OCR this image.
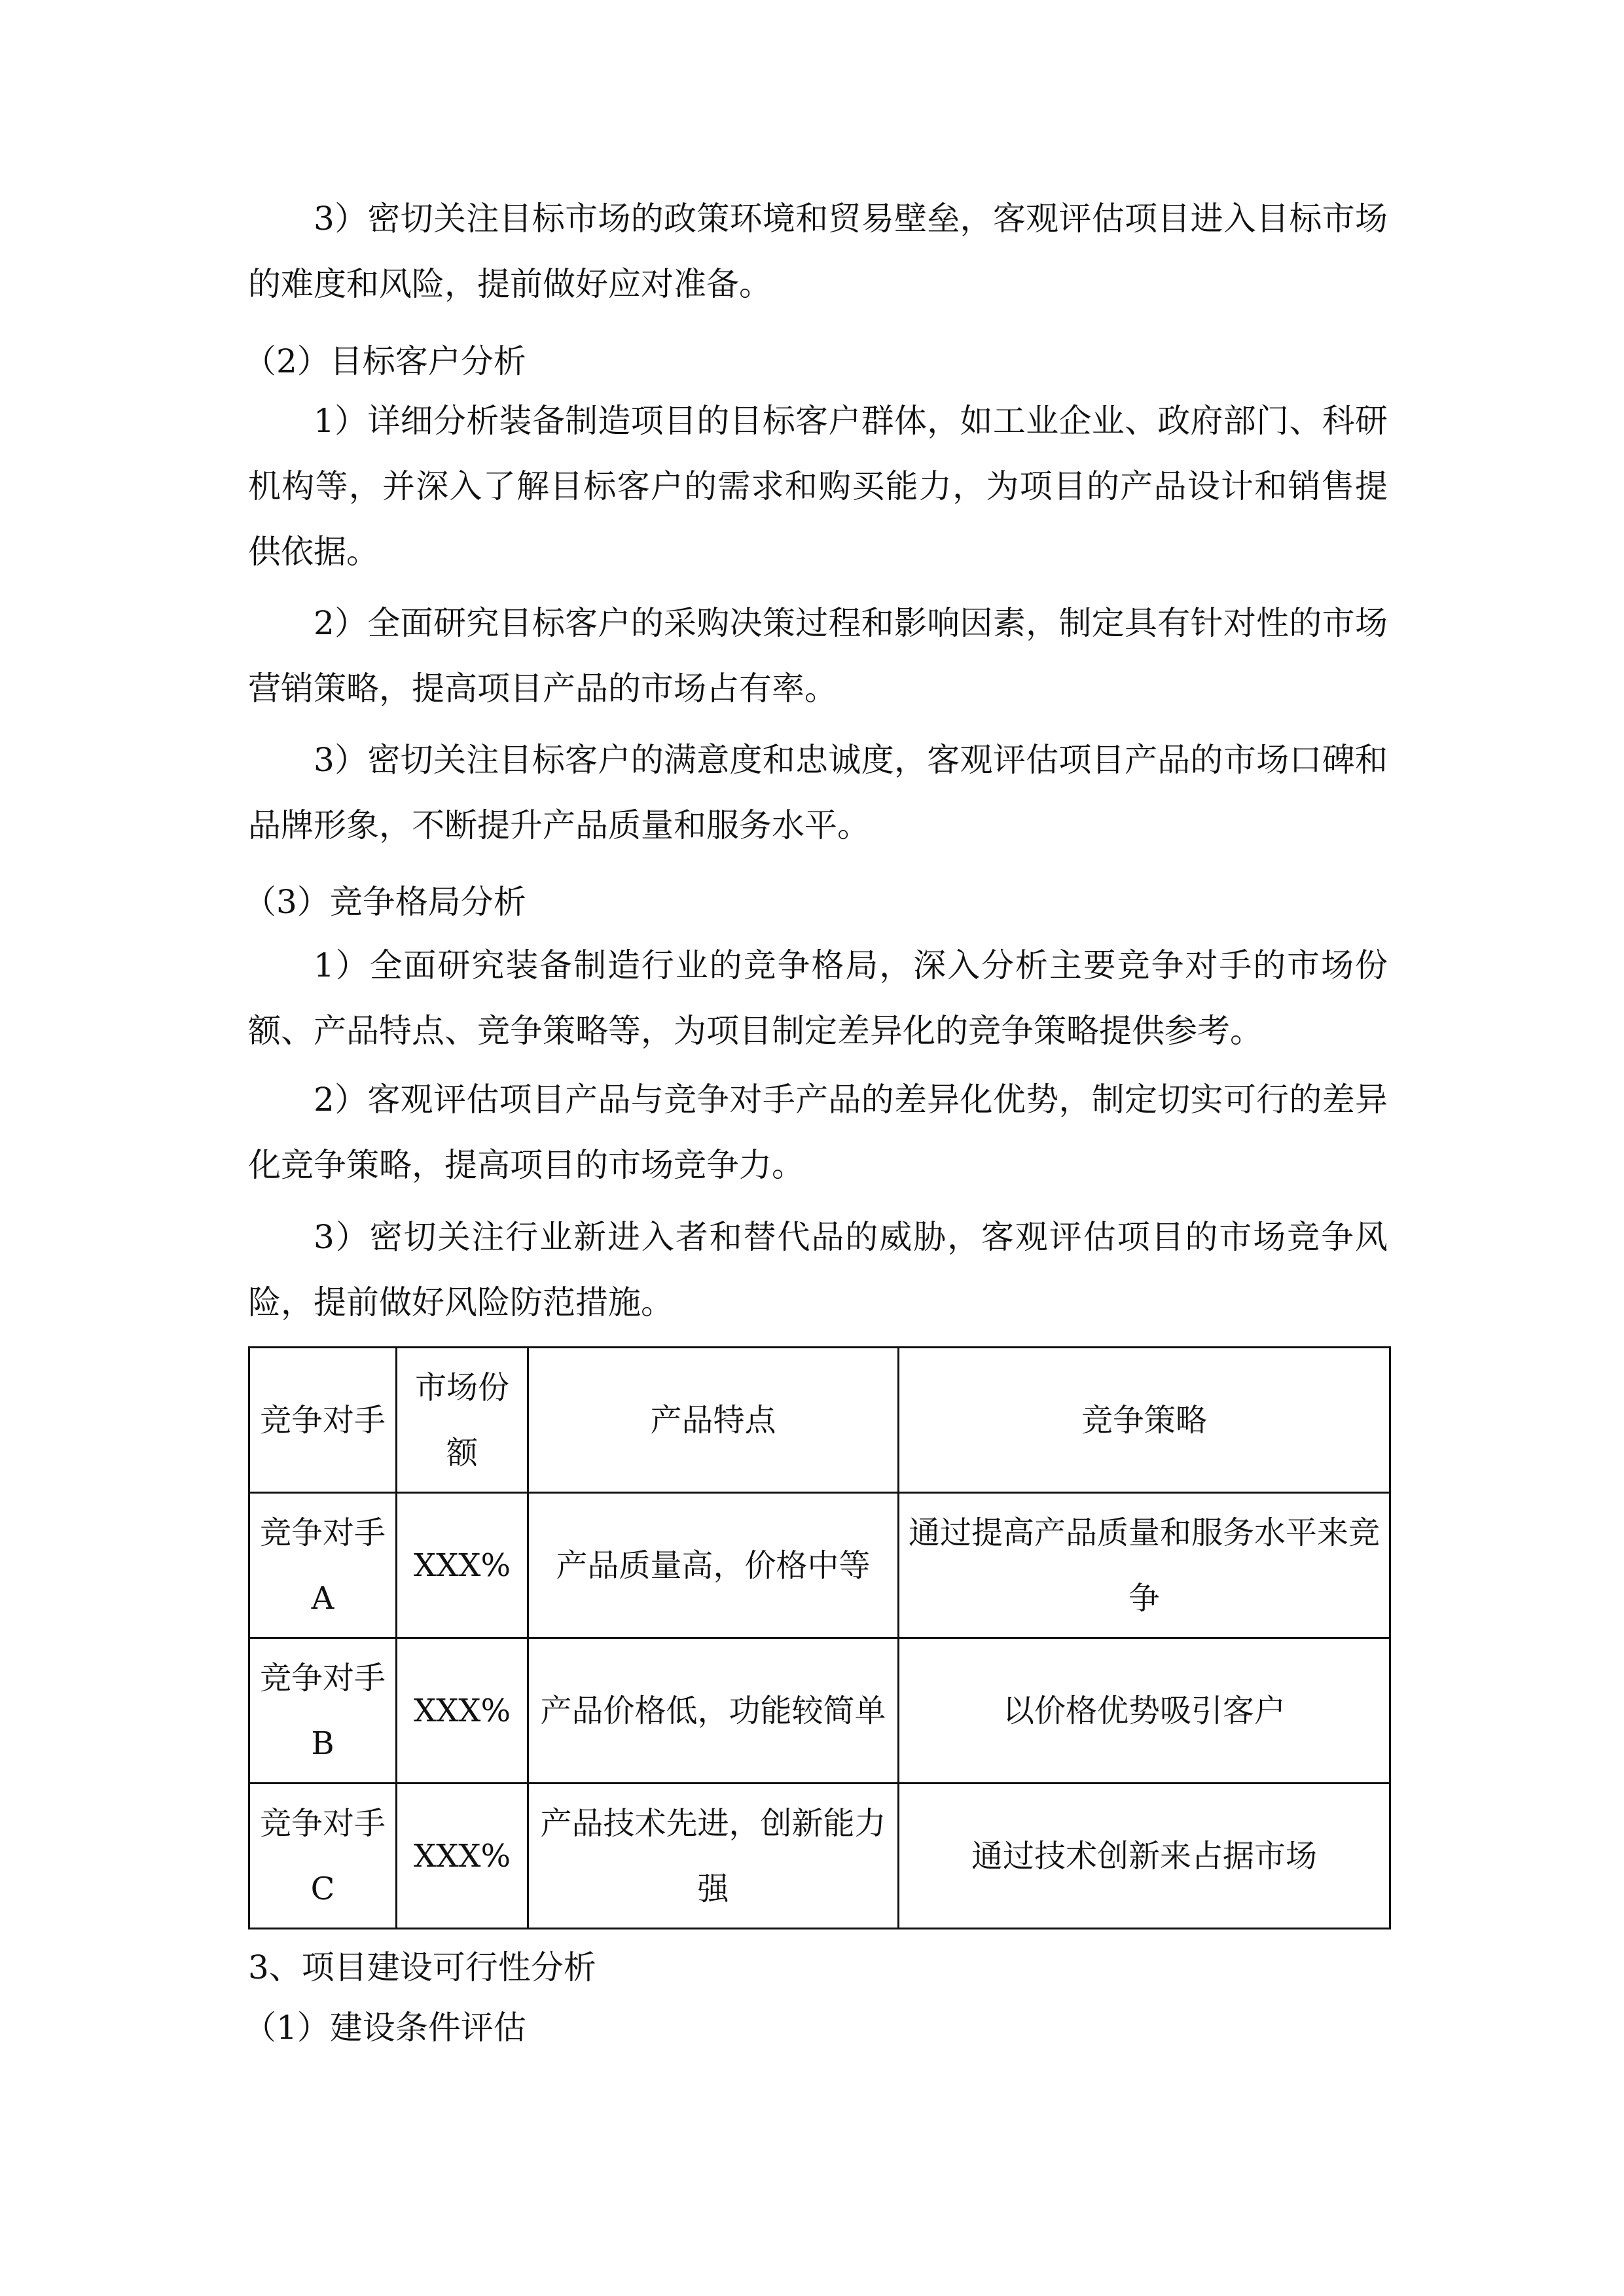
3）密切关注目标市场的政策环境和贸易壁垒，客观评估项目进入目标市场的难度和风险，提前做好应对准备。

（2）目标客户分析

1）详细分析装备制造项目的目标客户群体，如工业企业、政府部门、科研机构等，并深入了解目标客户的需求和购买能力，为项目的产品设计和销售提供依据。

2）全面研究目标客户的采购决策过程和影响因素，制定具有针对性的市场营销策略，提高项目产品的市场占有率。

3）密切关注目标客户的满意度和忠诚度，客观评估项目产品的市场口碑和品牌形象，不断提升产品质量和服务水平。

（3）竞争格局分析

1）全面研究装备制造行业的竞争格局，深入分析主要竞争对手的市场份额、产品特点、竞争策略等，为项目制定差异化的竞争策略提供参考。

2）客观评估项目产品与竞争对手产品的差异化优势，制定切实可行的差异化竞争策略，提高项目的市场竞争力。

3）密切关注行业新进入者和替代品的威胁，客观评估项目的市场竞争风险，提前做好风险防范措施。

竞争对手	市场份额	产品特点	竞争策略
竞争对手A	XXX%	产品质量高，价格中等	通过提高产品质量和服务水平来竞争
竞争对手B	XXX%	产品价格低，功能较简单	以价格优势吸引客户
竞争对手C	XXX%	产品技术先进，创新能力强	通过技术创新来占据市场

3、项目建设可行性分析

（1）建设条件评估
